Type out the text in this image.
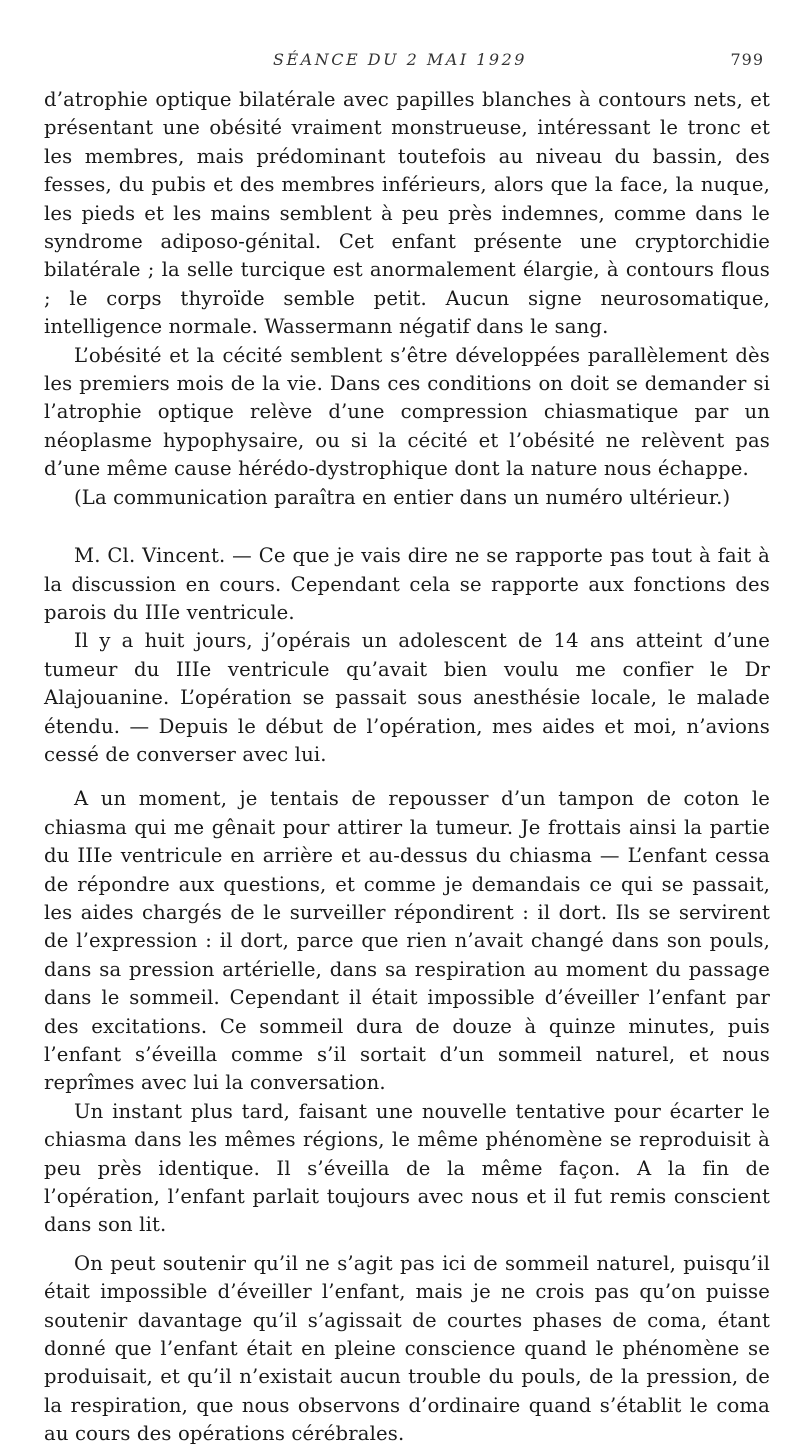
SÉANCE DU 2 MAI 1929	799

d’atrophie optique bilatérale avec papilles blanches à contours nets, et présentant une obésité vraiment monstrueuse, intéressant le tronc et les membres, mais prédominant toutefois au niveau du bassin, des fesses, du pubis et des membres inférieurs, alors que la face, la nuque, les pieds et les mains semblent à peu près indemnes, comme dans le syndrome adiposo-génital. Cet enfant présente une cryptorchidie bilatérale ; la selle turcique est anormalement élargie, à contours flous ; le corps thyroïde semble petit. Aucun signe neurosomatique, intelligence normale. Wassermann négatif dans le sang.

L’obésité et la cécité semblent s’être développées parallèlement dès les premiers mois de la vie. Dans ces conditions on doit se demander si l’atrophie optique relève d’une compression chiasmatique par un néoplasme hypophysaire, ou si la cécité et l’obésité ne relèvent pas d’une même cause hérédo-dystrophique dont la nature nous échappe.

(La communication paraîtra en entier dans un numéro ultérieur.)

M. Cl. Vincent. — Ce que je vais dire ne se rapporte pas tout à fait à la discussion en cours. Cependant cela se rapporte aux fonctions des parois du IIIe ventricule.

Il y a huit jours, j’opérais un adolescent de 14 ans atteint d’une tumeur du IIIe ventricule qu’avait bien voulu me confier le Dr Alajouanine. L’opération se passait sous anesthésie locale, le malade étendu. — Depuis le début de l’opération, mes aides et moi, n’avions cessé de converser avec lui.

A un moment, je tentais de repousser d’un tampon de coton le chiasma qui me gênait pour attirer la tumeur. Je frottais ainsi la partie du IIIe ventricule en arrière et au-dessus du chiasma — L’enfant cessa de répondre aux questions, et comme je demandais ce qui se passait, les aides chargés de le surveiller répondirent : il dort. Ils se servirent de l’expression : il dort, parce que rien n’avait changé dans son pouls, dans sa pression artérielle, dans sa respiration au moment du passage dans le sommeil. Cependant il était impossible d’éveiller l’enfant par des excitations. Ce sommeil dura de douze à quinze minutes, puis l’enfant s’éveilla comme s’il sortait d’un sommeil naturel, et nous reprîmes avec lui la conversation.

Un instant plus tard, faisant une nouvelle tentative pour écarter le chiasma dans les mêmes régions, le même phénomène se reproduisit à peu près identique. Il s’éveilla de la même façon. A la fin de l’opération, l’enfant parlait toujours avec nous et il fut remis conscient dans son lit.

On peut soutenir qu’il ne s’agit pas ici de sommeil naturel, puisqu’il était impossible d’éveiller l’enfant, mais je ne crois pas qu’on puisse soutenir davantage qu’il s’agissait de courtes phases de coma, étant donné que l’enfant était en pleine conscience quand le phénomène se produisait, et qu’il n’existait aucun trouble du pouls, de la pression, de la respiration, que nous observons d’ordinaire quand s’établit le coma au cours des opérations cérébrales.
